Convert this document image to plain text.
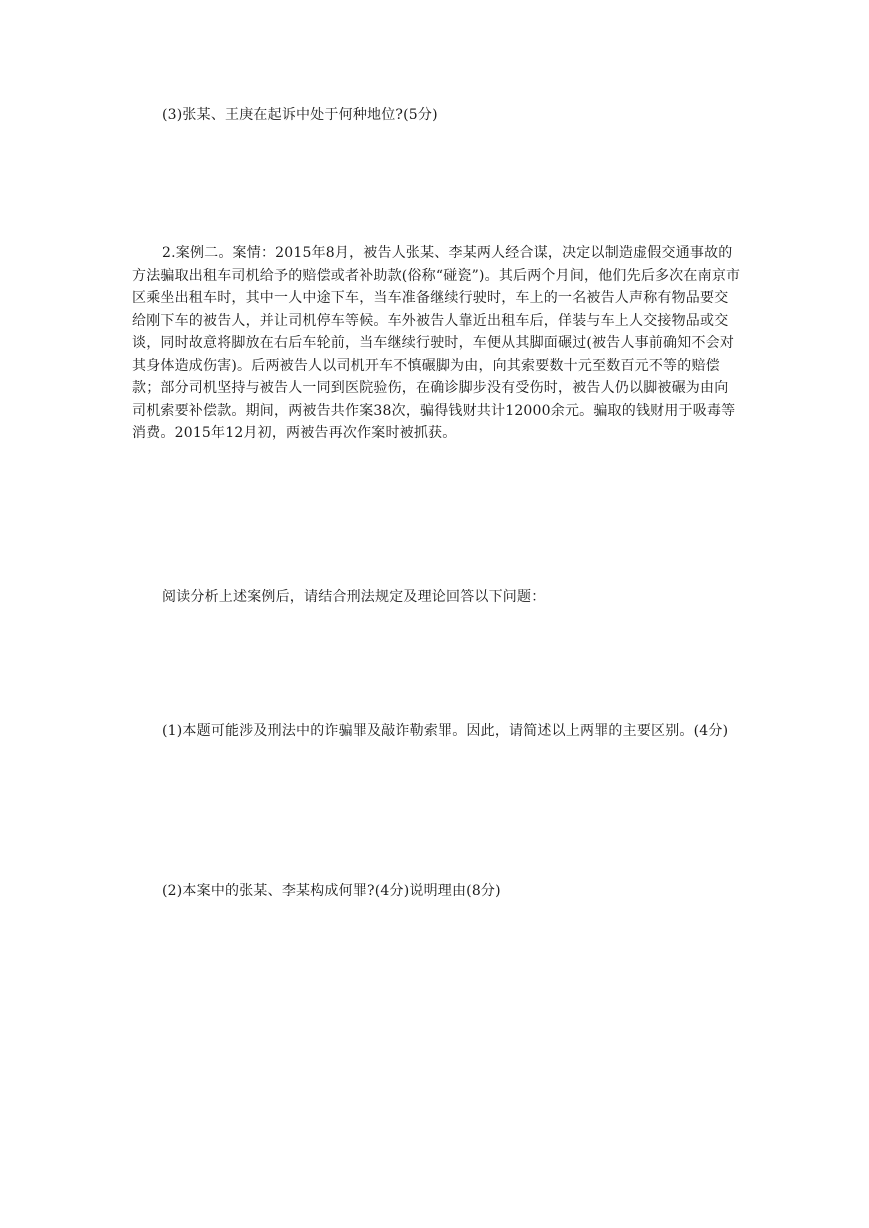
(3)张某、王庚在起诉中处于何种地位?(5分)

2.案例二。案情：2015年8月，被告人张某、李某两人经合谋，决定以制造虚假交通事故的方法骗取出租车司机给予的赔偿或者补助款(俗称“碰瓷”)。其后两个月间，他们先后多次在南京市区乘坐出租车时，其中一人中途下车，当车准备继续行驶时，车上的一名被告人声称有物品要交给刚下车的被告人，并让司机停车等候。车外被告人靠近出租车后，佯装与车上人交接物品或交谈，同时故意将脚放在右后车轮前，当车继续行驶时，车便从其脚面碾过(被告人事前确知不会对其身体造成伤害)。后两被告人以司机开车不慎碾脚为由，向其索要数十元至数百元不等的赔偿款；部分司机坚持与被告人一同到医院验伤，在确诊脚步没有受伤时，被告人仍以脚被碾为由向司机索要补偿款。期间，两被告共作案38次，骗得钱财共计12000余元。骗取的钱财用于吸毒等消费。2015年12月初，两被告再次作案时被抓获。

阅读分析上述案例后，请结合刑法规定及理论回答以下问题：

(1)本题可能涉及刑法中的诈骗罪及敲诈勒索罪。因此，请简述以上两罪的主要区别。(4分)

(2)本案中的张某、李某构成何罪?(4分)说明理由(8分)
